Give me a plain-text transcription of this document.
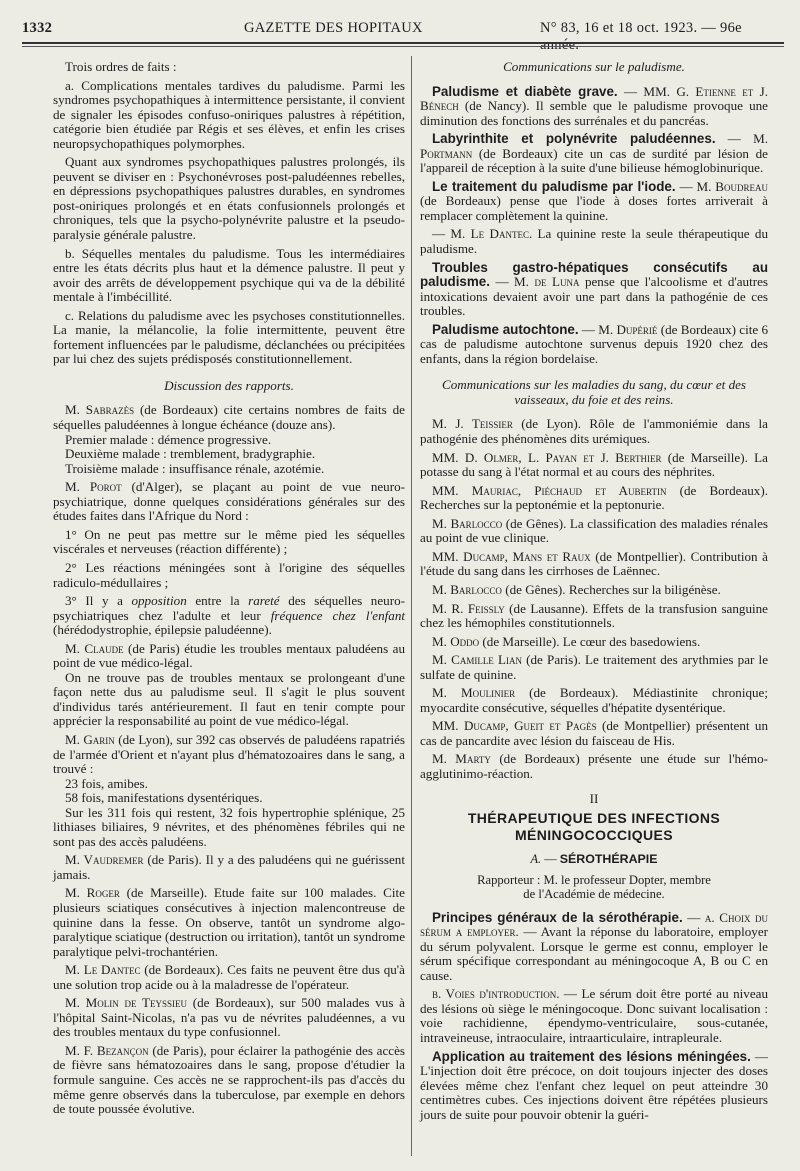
1332	GAZETTE DES HOPITAUX	N° 83, 16 et 18 oct. 1923. — 96e année.

Trois ordres de faits :

a. Complications mentales tardives du paludisme. Parmi les syndromes psychopathiques à intermittence persistante, il convient de signaler les épisodes confuso-oniriques palustres à répétition, catégorie bien étudiée par Régis et ses élèves, et enfin les crises neuropsychopathiques polymorphes.

Quant aux syndromes psychopathiques palustres prolongés, ils peuvent se diviser en : Psychonévroses post-paludéennes rebelles, en dépressions psychopathiques palustres durables, en syndromes post-oniriques prolongés et en états confusionnels prolongés et chroniques, tels que la psycho-polynévrite palustre et la pseudo-paralysie générale palustre.

b. Séquelles mentales du paludisme. Tous les intermédiaires entre les états décrits plus haut et la démence palustre. Il peut y avoir des arrêts de développement psychique qui va de la débilité mentale à l'imbécillité.

c. Relations du paludisme avec les psychoses constitutionnelles. La manie, la mélancolie, la folie intermittente, peuvent être fortement influencées par le paludisme, déclanchées ou précipitées par lui chez des sujets prédisposés constitutionnellement.

Discussion des rapports.

M. Sabrazès (de Bordeaux) cite certains nombres de faits de séquelles paludéennes à longue échéance (douze ans).

Premier malade : démence progressive.

Deuxième malade : tremblement, bradygraphie.

Troisième malade : insuffisance rénale, azotémie.

M. Porot (d'Alger), se plaçant au point de vue neuro-psychiatrique, donne quelques considérations générales sur des études faites dans l'Afrique du Nord :

1° On ne peut pas mettre sur le même pied les séquelles viscérales et nerveuses (réaction différente) ;

2° Les réactions méningées sont à l'origine des séquelles radiculo-médullaires ;

3° Il y a opposition entre la rareté des séquelles neuro-psychiatriques chez l'adulte et leur fréquence chez l'enfant (hérédodystrophie, épilepsie paludéenne).

M. Claude (de Paris) étudie les troubles mentaux paludéens au point de vue médico-légal.

On ne trouve pas de troubles mentaux se prolongeant d'une façon nette dus au paludisme seul. Il s'agit le plus souvent d'individus tarés antérieurement. Il faut en tenir compte pour apprécier la responsabilité au point de vue médico-légal.

M. Garin (de Lyon), sur 392 cas observés de paludéens rapatriés de l'armée d'Orient et n'ayant plus d'hématozoaires dans le sang, a trouvé :

23 fois, amibes.

58 fois, manifestations dysentériques.

Sur les 311 fois qui restent, 32 fois hypertrophie splénique, 25 lithiases biliaires, 9 névrites, et des phénomènes fébriles qui ne sont pas des accès paludéens.

M. Vaudremer (de Paris). Il y a des paludéens qui ne guérissent jamais.

M. Roger (de Marseille). Etude faite sur 100 malades. Cite plusieurs sciatiques consécutives à injection malencontreuse de quinine dans la fesse. On observe, tantôt un syndrome algo-paralytique sciatique (destruction ou irritation), tantôt un syndrome paralytique pelvi-trochantérien.

M. Le Dantec (de Bordeaux). Ces faits ne peuvent être dus qu'à une solution trop acide ou à la maladresse de l'opérateur.

M. Molin de Teyssieu (de Bordeaux), sur 500 malades vus à l'hôpital Saint-Nicolas, n'a pas vu de névrites paludéennes, a vu des troubles mentaux du type confusionnel.

M. F. Bezançon (de Paris), pour éclairer la pathogénie des accès de fièvre sans hématozoaires dans le sang, propose d'étudier la formule sanguine. Ces accès ne se rapprochent-ils pas d'accès du même genre observés dans la tuberculose, par exemple en dehors de toute poussée évolutive.

Communications sur le paludisme.

Paludisme et diabète grave. — MM. G. Etienne et J. Bénech (de Nancy). Il semble que le paludisme provoque une diminution des fonctions des surrénales et du pancréas.

Labyrinthite et polynévrite paludéennes. — M. Portmann (de Bordeaux) cite un cas de surdité par lésion de l'appareil de réception à la suite d'une bilieuse hémoglobinurique.

Le traitement du paludisme par l'iode. — M. Boudreau (de Bordeaux) pense que l'iode à doses fortes arriverait à remplacer complètement la quinine.

— M. Le Dantec. La quinine reste la seule thérapeutique du paludisme.

Troubles gastro-hépatiques consécutifs au paludisme. — M. de Luna pense que l'alcoolisme et d'autres intoxications devaient avoir une part dans la pathogénie de ces troubles.

Paludisme autochtone. — M. Dupérié (de Bordeaux) cite 6 cas de paludisme autochtone survenus depuis 1920 chez des enfants, dans la région bordelaise.

Communications sur les maladies du sang, du cœur et des vaisseaux, du foie et des reins.

M. J. Teissier (de Lyon). Rôle de l'ammoniémie dans la pathogénie des phénomènes dits urémiques.

MM. D. Olmer, L. Payan et J. Berthier (de Marseille). La potasse du sang à l'état normal et au cours des néphrites.

MM. Mauriac, Piéchaud et Aubertin (de Bordeaux). Recherches sur la peptonémie et la peptonurie.

M. Barlocco (de Gênes). La classification des maladies rénales au point de vue clinique.

MM. Ducamp, Mans et Raux (de Montpellier). Contribution à l'étude du sang dans les cirrhoses de Laënnec.

M. Barlocco (de Gênes). Recherches sur la biligénèse.

M. R. Feissly (de Lausanne). Effets de la transfusion sanguine chez les hémophiles constitutionnels.

M. Oddo (de Marseille). Le cœur des basedowiens.

M. Camille Lian (de Paris). Le traitement des arythmies par le sulfate de quinine.

M. Moulinier (de Bordeaux). Médiastinite chronique; myocardite consécutive, séquelles d'hépatite dysentérique.

MM. Ducamp, Gueit et Pagès (de Montpellier) présentent un cas de pancardite avec lésion du faisceau de His.

M. Marty (de Bordeaux) présente une étude sur l'hémo-agglutinimo-réaction.

II

THÉRAPEUTIQUE DES INFECTIONS
MÉNINGOCOCCIQUES

A. — SÉROTHÉRAPIE

Rapporteur : M. le professeur Dopter, membre
de l'Académie de médecine.

Principes généraux de la sérothérapie. — a. Choix du sérum a employer. — Avant la réponse du laboratoire, employer du sérum polyvalent. Lorsque le germe est connu, employer le sérum spécifique correspondant au méningocoque A, B ou C en cause.

b. Voies d'introduction. — Le sérum doit être porté au niveau des lésions où siège le méningocoque. Donc suivant localisation : voie rachidienne, épendymo-ventriculaire, sous-cutanée, intraveineuse, intraoculaire, intraarticulaire, intrapleurale.

Application au traitement des lésions méningées. — L'injection doit être précoce, on doit toujours injecter des doses élevées même chez l'enfant chez lequel on peut atteindre 30 centimètres cubes. Ces injections doivent être répétées plusieurs jours de suite pour pouvoir obtenir la guéri-
